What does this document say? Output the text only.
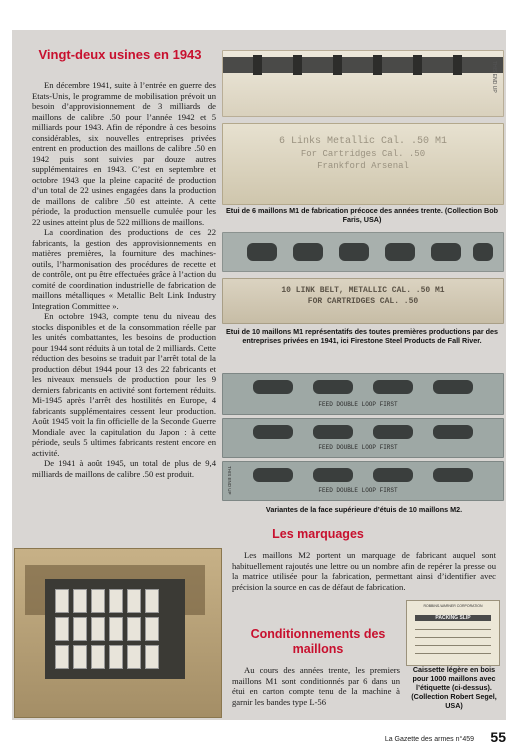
Vingt-deux usines en 1943

En décembre 1941, suite à l’entrée en guerre des Etats-Unis, le programme de mobilisation prévoit un besoin d’approvisionnement de 3 milliards de maillons de calibre .50 pour l’année 1942 et 5 milliards pour 1943. Afin de répondre à ces besoins considérables, six nouvelles entreprises privées entrent en production des maillons de calibre .50 en 1942 puis sont suivies par douze autres supplémentaires en 1943. C’est en septembre et octobre 1943 que la pleine capacité de production d’un total de 22 usines engagées dans la production de maillons de calibre .50 est atteinte. A cette période, la production mensuelle cumulée pour les 22 usines atteint plus de 522 millions de maillons.

La coordination des productions de ces 22 fabricants, la gestion des approvisionnements en matières premières, la fourniture des machines-outils, l’harmonisation des procédures de recette et de contrôle, ont pu être effectuées grâce à l’action du comité de coordination industrielle de fabrication de maillons métalliques « Metallic Belt Link Industry Integration Committee ».

En octobre 1943, compte tenu du niveau des stocks disponibles et de la consommation réelle par les unités combattantes, les besoins de production pour 1944 sont réduits à un total de 2 milliards. Cette réduction des besoins se traduit par l’arrêt total de la production début 1944 pour 13 des 22 fabricants et les niveaux mensuels de production pour les 9 derniers fabricants en activité sont fortement réduits. Mi-1945 après l’arrêt des hostilités en Europe, 4 fabricants supplémentaires cessent leur production. Août 1945 voit la fin officielle de la Seconde Guerre Mondiale avec la capitulation du Japon : à cette période, seuls 5 ultimes fabricants restent encore en activité.

De 1941 à août 1945, un total de plus de 9,4 milliards de maillons de calibre .50 est produit.

THIS END UP
6 Links Metallic Cal. .50 M1
For Cartridges Cal. .50
Frankford Arsenal
Etui de 6 maillons M1 de fabrication précoce des années trente. (Collection Bob Faris, USA)
10 LINK BELT, METALLIC CAL. .50 M1
FOR CARTRIDGES CAL. .50
Etui de 10 maillons M1 représentatifs des toutes premières productions par des entreprises privées en 1941, ici Firestone Steel Products de Fall River.
FEED DOUBLE LOOP FIRST
FEED DOUBLE LOOP FIRST
FEED DOUBLE LOOP FIRST
THIS END UP
Variantes de la face supérieure d’étuis de 10 maillons M2.
Les marquages

Les maillons M2 portent un marquage de fabricant auquel sont habituellement rajoutés une lettre ou un nombre afin de repérer la presse ou la matrice utilisée pour la fabrication, permettant ainsi d’identifier avec précision la source en cas de défaut de fabrication.

Conditionnements des maillons

Au cours des années trente, les premiers maillons M1 sont conditionnés par 6 dans un étui en carton compte tenu de la machine à garnir les bandes type L-56

ROBBINS-WARNER CORPORATION
PACKING SLIP
Caissette légère en bois pour 1000 maillons avec l’étiquette (ci-dessus). (Collection Robert Segel, USA)
La Gazette des armes n°459 55
